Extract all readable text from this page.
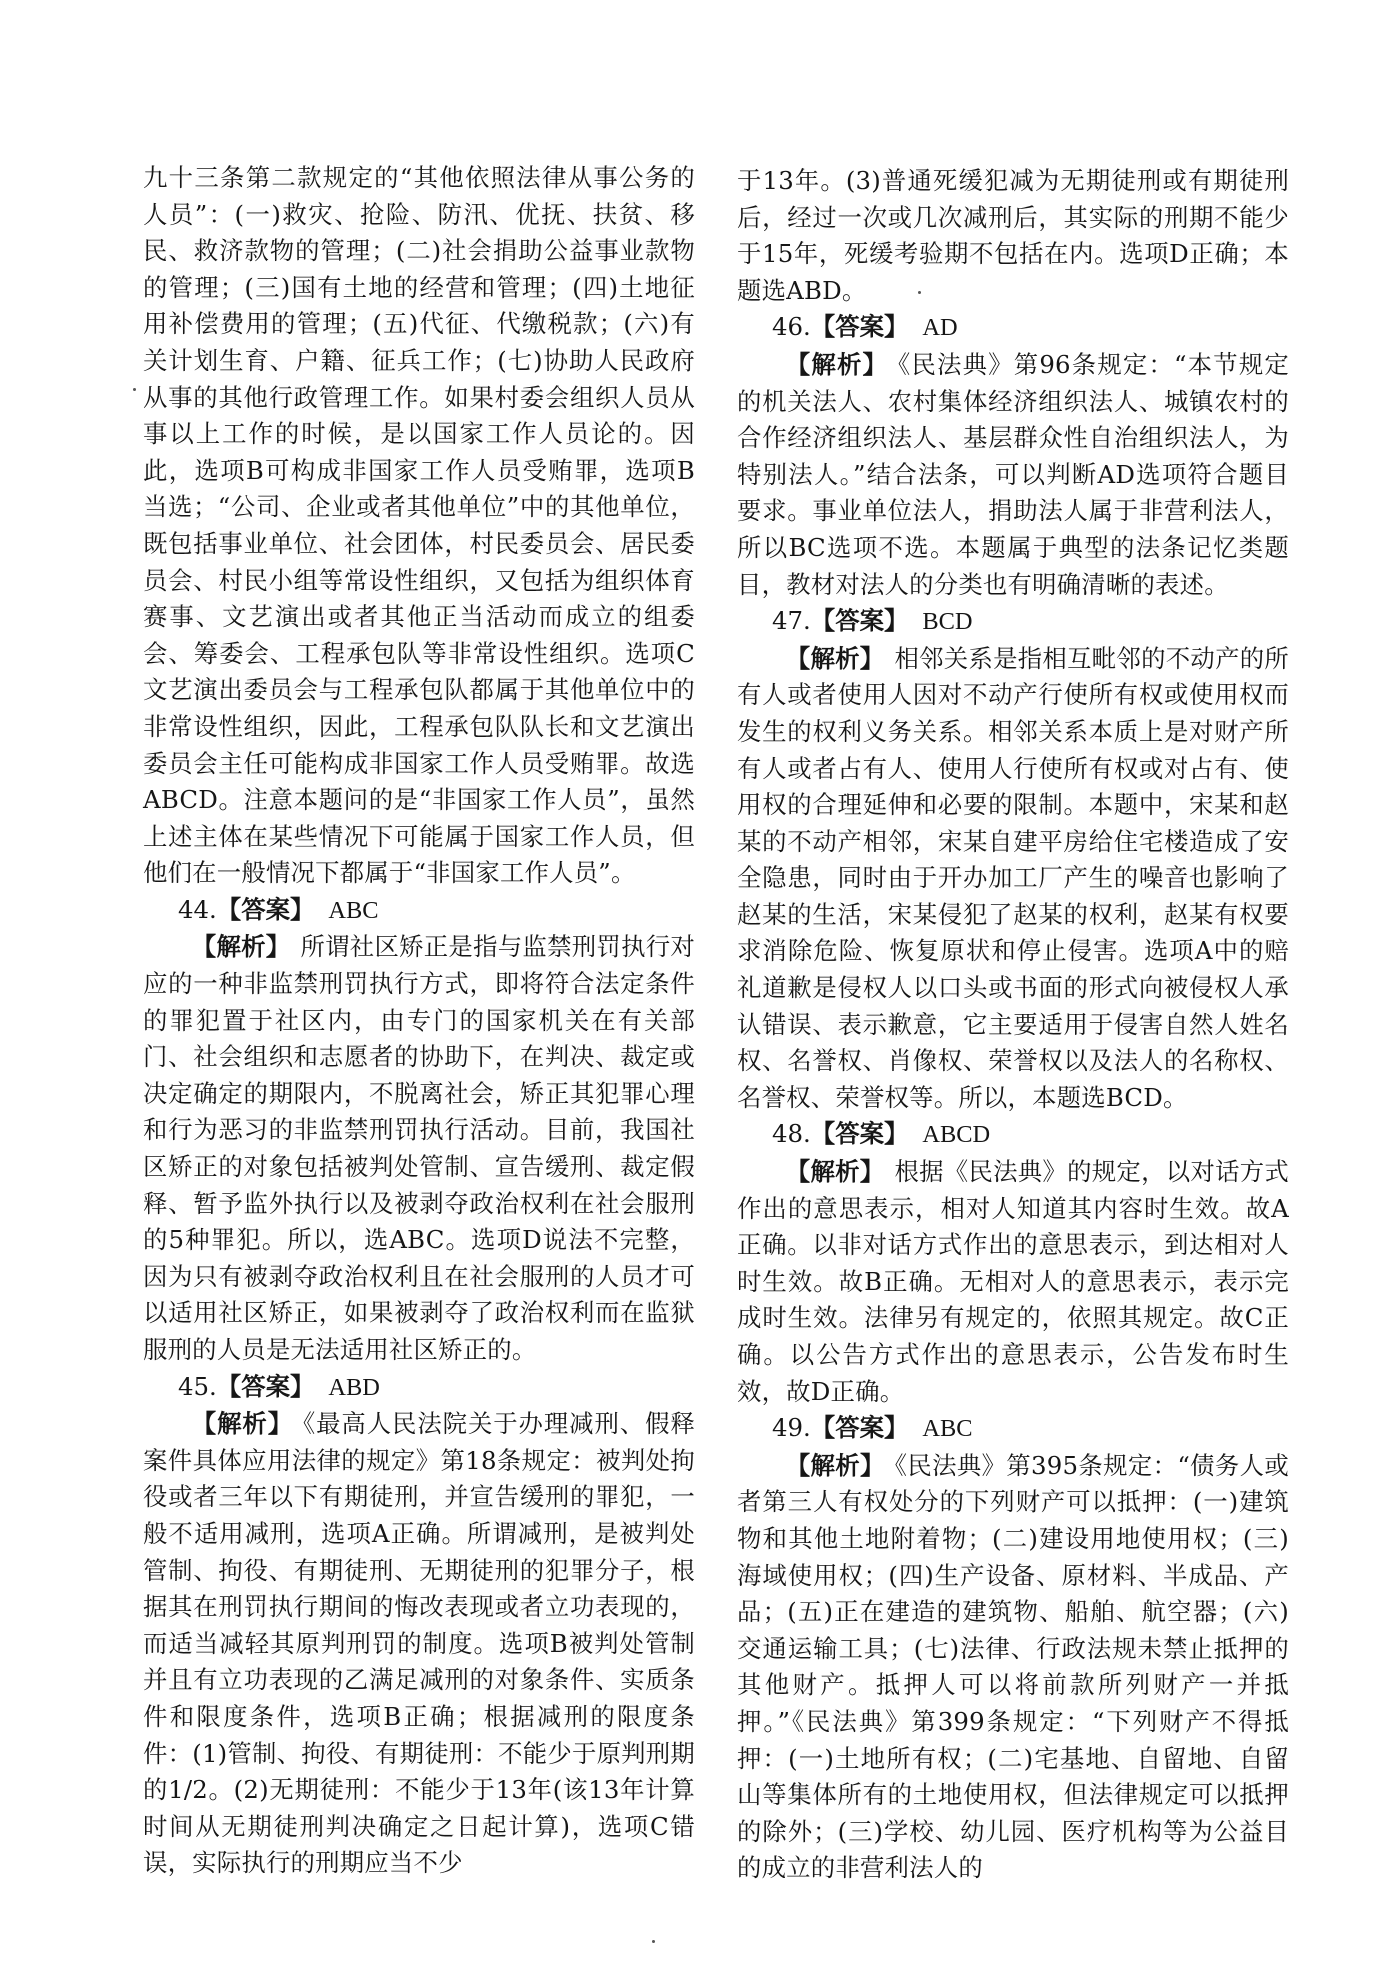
九十三条第二款规定的“其他依照法律从事公务的人员”：(一)救灾、抢险、防汛、优抚、扶贫、移民、救济款物的管理；(二)社会捐助公益事业款物的管理；(三)国有土地的经营和管理；(四)土地征用补偿费用的管理；(五)代征、代缴税款；(六)有关计划生育、户籍、征兵工作；(七)协助人民政府从事的其他行政管理工作。如果村委会组织人员从事以上工作的时候，是以国家工作人员论的。因此，选项B可构成非国家工作人员受贿罪，选项B当选；“公司、企业或者其他单位”中的其他单位，既包括事业单位、社会团体，村民委员会、居民委员会、村民小组等常设性组织，又包括为组织体育赛事、文艺演出或者其他正当活动而成立的组委会、筹委会、工程承包队等非常设性组织。选项C文艺演出委员会与工程承包队都属于其他单位中的非常设性组织，因此，工程承包队队长和文艺演出委员会主任可能构成非国家工作人员受贿罪。故选ABCD。注意本题问的是“非国家工作人员”，虽然上述主体在某些情况下可能属于国家工作人员，但他们在一般情况下都属于“非国家工作人员”。

44.【答案】 ABC

【解析】 所谓社区矫正是指与监禁刑罚执行对应的一种非监禁刑罚执行方式，即将符合法定条件的罪犯置于社区内，由专门的国家机关在有关部门、社会组织和志愿者的协助下，在判决、裁定或决定确定的期限内，不脱离社会，矫正其犯罪心理和行为恶习的非监禁刑罚执行活动。目前，我国社区矫正的对象包括被判处管制、宣告缓刑、裁定假释、暂予监外执行以及被剥夺政治权利在社会服刑的5种罪犯。所以，选ABC。选项D说法不完整，因为只有被剥夺政治权利且在社会服刑的人员才可以适用社区矫正，如果被剥夺了政治权利而在监狱服刑的人员是无法适用社区矫正的。

45.【答案】 ABD

【解析】 《最高人民法院关于办理减刑、假释案件具体应用法律的规定》第18条规定：被判处拘役或者三年以下有期徒刑，并宣告缓刑的罪犯，一般不适用减刑，选项A正确。所谓减刑，是被判处管制、拘役、有期徒刑、无期徒刑的犯罪分子，根据其在刑罚执行期间的悔改表现或者立功表现的，而适当减轻其原判刑罚的制度。选项B被判处管制并且有立功表现的乙满足减刑的对象条件、实质条件和限度条件，选项B正确；根据减刑的限度条件：(1)管制、拘役、有期徒刑：不能少于原判刑期的1/2。(2)无期徒刑：不能少于13年(该13年计算时间从无期徒刑判决确定之日起计算)，选项C错误，实际执行的刑期应当不少

于13年。(3)普通死缓犯减为无期徒刑或有期徒刑后，经过一次或几次减刑后，其实际的刑期不能少于15年，死缓考验期不包括在内。选项D正确；本题选ABD。

46.【答案】 AD

【解析】 《民法典》第96条规定：“本节规定的机关法人、农村集体经济组织法人、城镇农村的合作经济组织法人、基层群众性自治组织法人，为特别法人。”结合法条，可以判断AD选项符合题目要求。事业单位法人，捐助法人属于非营利法人，所以BC选项不选。本题属于典型的法条记忆类题目，教材对法人的分类也有明确清晰的表述。

47.【答案】 BCD

【解析】 相邻关系是指相互毗邻的不动产的所有人或者使用人因对不动产行使所有权或使用权而发生的权利义务关系。相邻关系本质上是对财产所有人或者占有人、使用人行使所有权或对占有、使用权的合理延伸和必要的限制。本题中，宋某和赵某的不动产相邻，宋某自建平房给住宅楼造成了安全隐患，同时由于开办加工厂产生的噪音也影响了赵某的生活，宋某侵犯了赵某的权利，赵某有权要求消除危险、恢复原状和停止侵害。选项A中的赔礼道歉是侵权人以口头或书面的形式向被侵权人承认错误、表示歉意，它主要适用于侵害自然人姓名权、名誉权、肖像权、荣誉权以及法人的名称权、名誉权、荣誉权等。所以，本题选BCD。

48.【答案】 ABCD

【解析】 根据《民法典》的规定，以对话方式作出的意思表示，相对人知道其内容时生效。故A正确。以非对话方式作出的意思表示，到达相对人时生效。故B正确。无相对人的意思表示，表示完成时生效。法律另有规定的，依照其规定。故C正确。以公告方式作出的意思表示，公告发布时生效，故D正确。

49.【答案】 ABC

【解析】 《民法典》第395条规定：“债务人或者第三人有权处分的下列财产可以抵押：(一)建筑物和其他土地附着物；(二)建设用地使用权；(三)海域使用权；(四)生产设备、原材料、半成品、产品；(五)正在建造的建筑物、船舶、航空器；(六)交通运输工具；(七)法律、行政法规未禁止抵押的其他财产。抵押人可以将前款所列财产一并抵押。”《民法典》第399条规定：“下列财产不得抵押：(一)土地所有权；(二)宅基地、自留地、自留山等集体所有的土地使用权，但法律规定可以抵押的除外；(三)学校、幼儿园、医疗机构等为公益目的成立的非营利法人的
